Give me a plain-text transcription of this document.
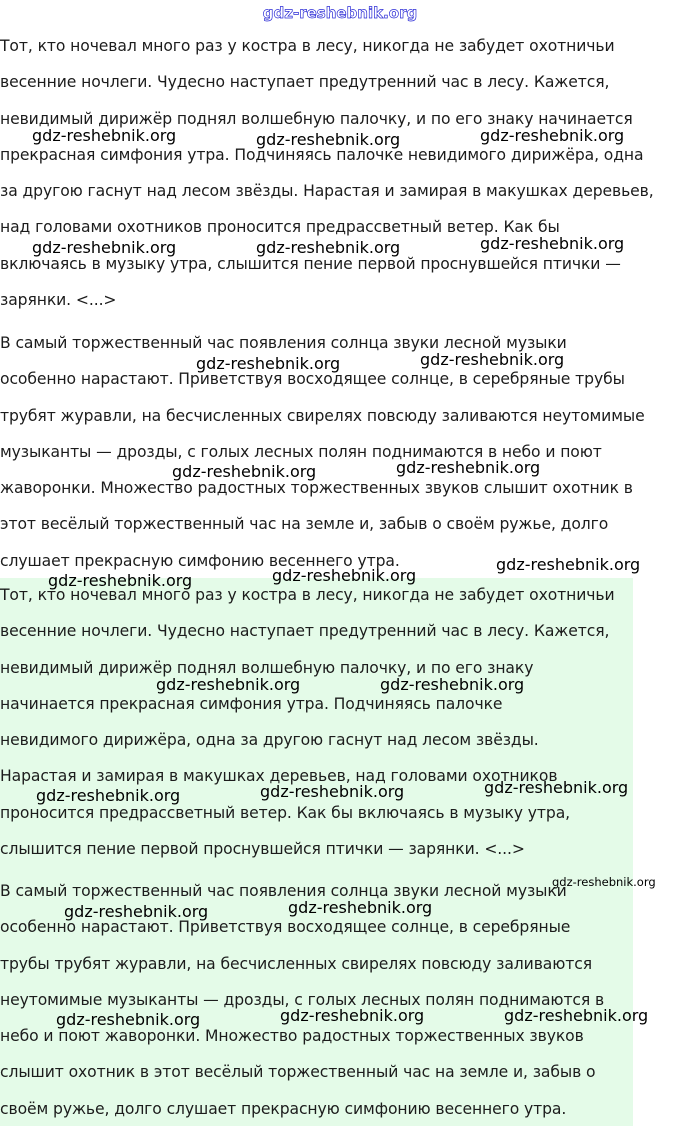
gdz-reshebnik.org

Тот, кто ночевал много раз у костра в лесу, никогда не забудет охотничьи
весенние ночлеги. Чудесно наступает предутренний час в лесу. Кажется,
невидимый дирижёр поднял волшебную палочку, и по его знаку начинается
прекрасная симфония утра. Подчиняясь палочке невидимого дирижёра, одна
за другою гаснут над лесом звёзды. Нарастая и замирая в макушках деревьев,
над головами охотников проносится предрассветный ветер. Как бы
включаясь в музыку утра, слышится пение первой проснувшейся птички —
зарянки. <...>

В самый торжественный час появления солнца звуки лесной музыки
особенно нарастают. Приветствуя восходящее солнце, в серебряные трубы
трубят журавли, на бесчисленных свирелях повсюду заливаются неутомимые
музыканты — дрозды, с голых лесных полян поднимаются в небо и поют
жаворонки. Множество радостных торжественных звуков слышит охотник в
этот весёлый торжественный час на земле и, забыв о своём ружье, долго
слушает прекрасную симфонию весеннего утра.

Тот, кто ночевал много раз у костра в лесу, никогда не забудет охотничьи
весенние ночлеги. Чудесно наступает предутренний час в лесу. Кажется,
невидимый дирижёр поднял волшебную палочку, и по его знаку
начинается прекрасная симфония утра. Подчиняясь палочке
невидимого дирижёра, одна за другою гаснут над лесом звёзды.
Нарастая и замирая в макушках деревьев, над головами охотников
проносится предрассветный ветер. Как бы включаясь в музыку утра,
слышится пение первой проснувшейся птички — зарянки. <...>

В самый торжественный час появления солнца звуки лесной музыки
особенно нарастают. Приветствуя восходящее солнце, в серебряные
трубы трубят журавли, на бесчисленных свирелях повсюду заливаются
неутомимые музыканты — дрозды, с голых лесных полян поднимаются в
небо и поют жаворонки. Множество радостных торжественных звуков
слышит охотник в этот весёлый торжественный час на земле и, забыв о
своём ружье, долго слушает прекрасную симфонию весеннего утра.

gdz-reshebnik.org	gdz-reshebnik.org	gdz-reshebnik.org
gdz-reshebnik.org	gdz-reshebnik.org	gdz-reshebnik.org
gdz-reshebnik.org	gdz-reshebnik.org
gdz-reshebnik.org	gdz-reshebnik.org
gdz-reshebnik.org
gdz-reshebnik.org	gdz-reshebnik.org
gdz-reshebnik.org	gdz-reshebnik.org
gdz-reshebnik.org	gdz-reshebnik.org	gdz-reshebnik.org
gdz-reshebnik.org
gdz-reshebnik.org	gdz-reshebnik.org
gdz-reshebnik.org	gdz-reshebnik.org	gdz-reshebnik.org
